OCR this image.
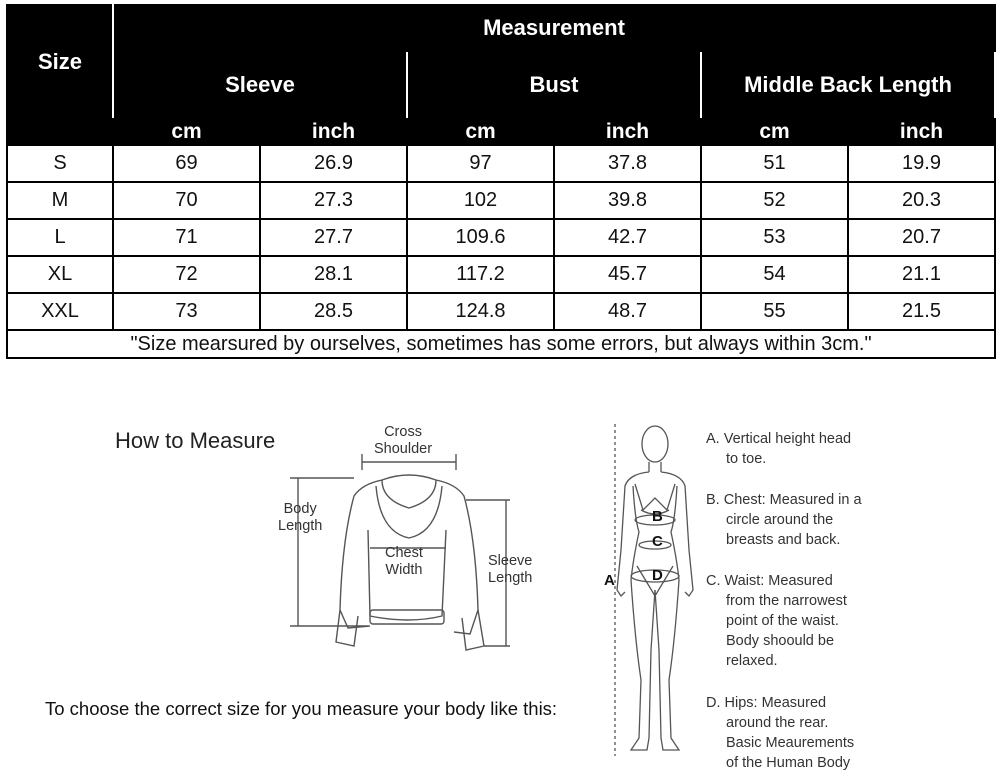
Size	Measurement					
	Sleeve		Bust		Middle Back Length	
	cm	inch	cm	inch	cm	inch
S	69	26.9	97	37.8	51	19.9
M	70	27.3	102	39.8	52	20.3
L	71	27.7	109.6	42.7	53	20.7
XL	72	28.1	117.2	45.7	54	21.1
XXL	73	28.5	124.8	48.7	55	21.5
"Size mearsured by ourselves, sometimes has some errors, but always within 3cm."						
How to Measure	Cross
Shoulder
Body
Length
Chest
Width
Sleeve
Length
To choose the correct size for you measure your body like this:
B
C
D
A
A. Vertical height head
to toe.
B. Chest: Measured in a
circle around the
breasts and back.
C. Waist: Measured
from the narrowest
point of the waist.
Body shoould be
relaxed.
D. Hips: Measured
around the rear.
Basic Meaurements
of the Human Body
